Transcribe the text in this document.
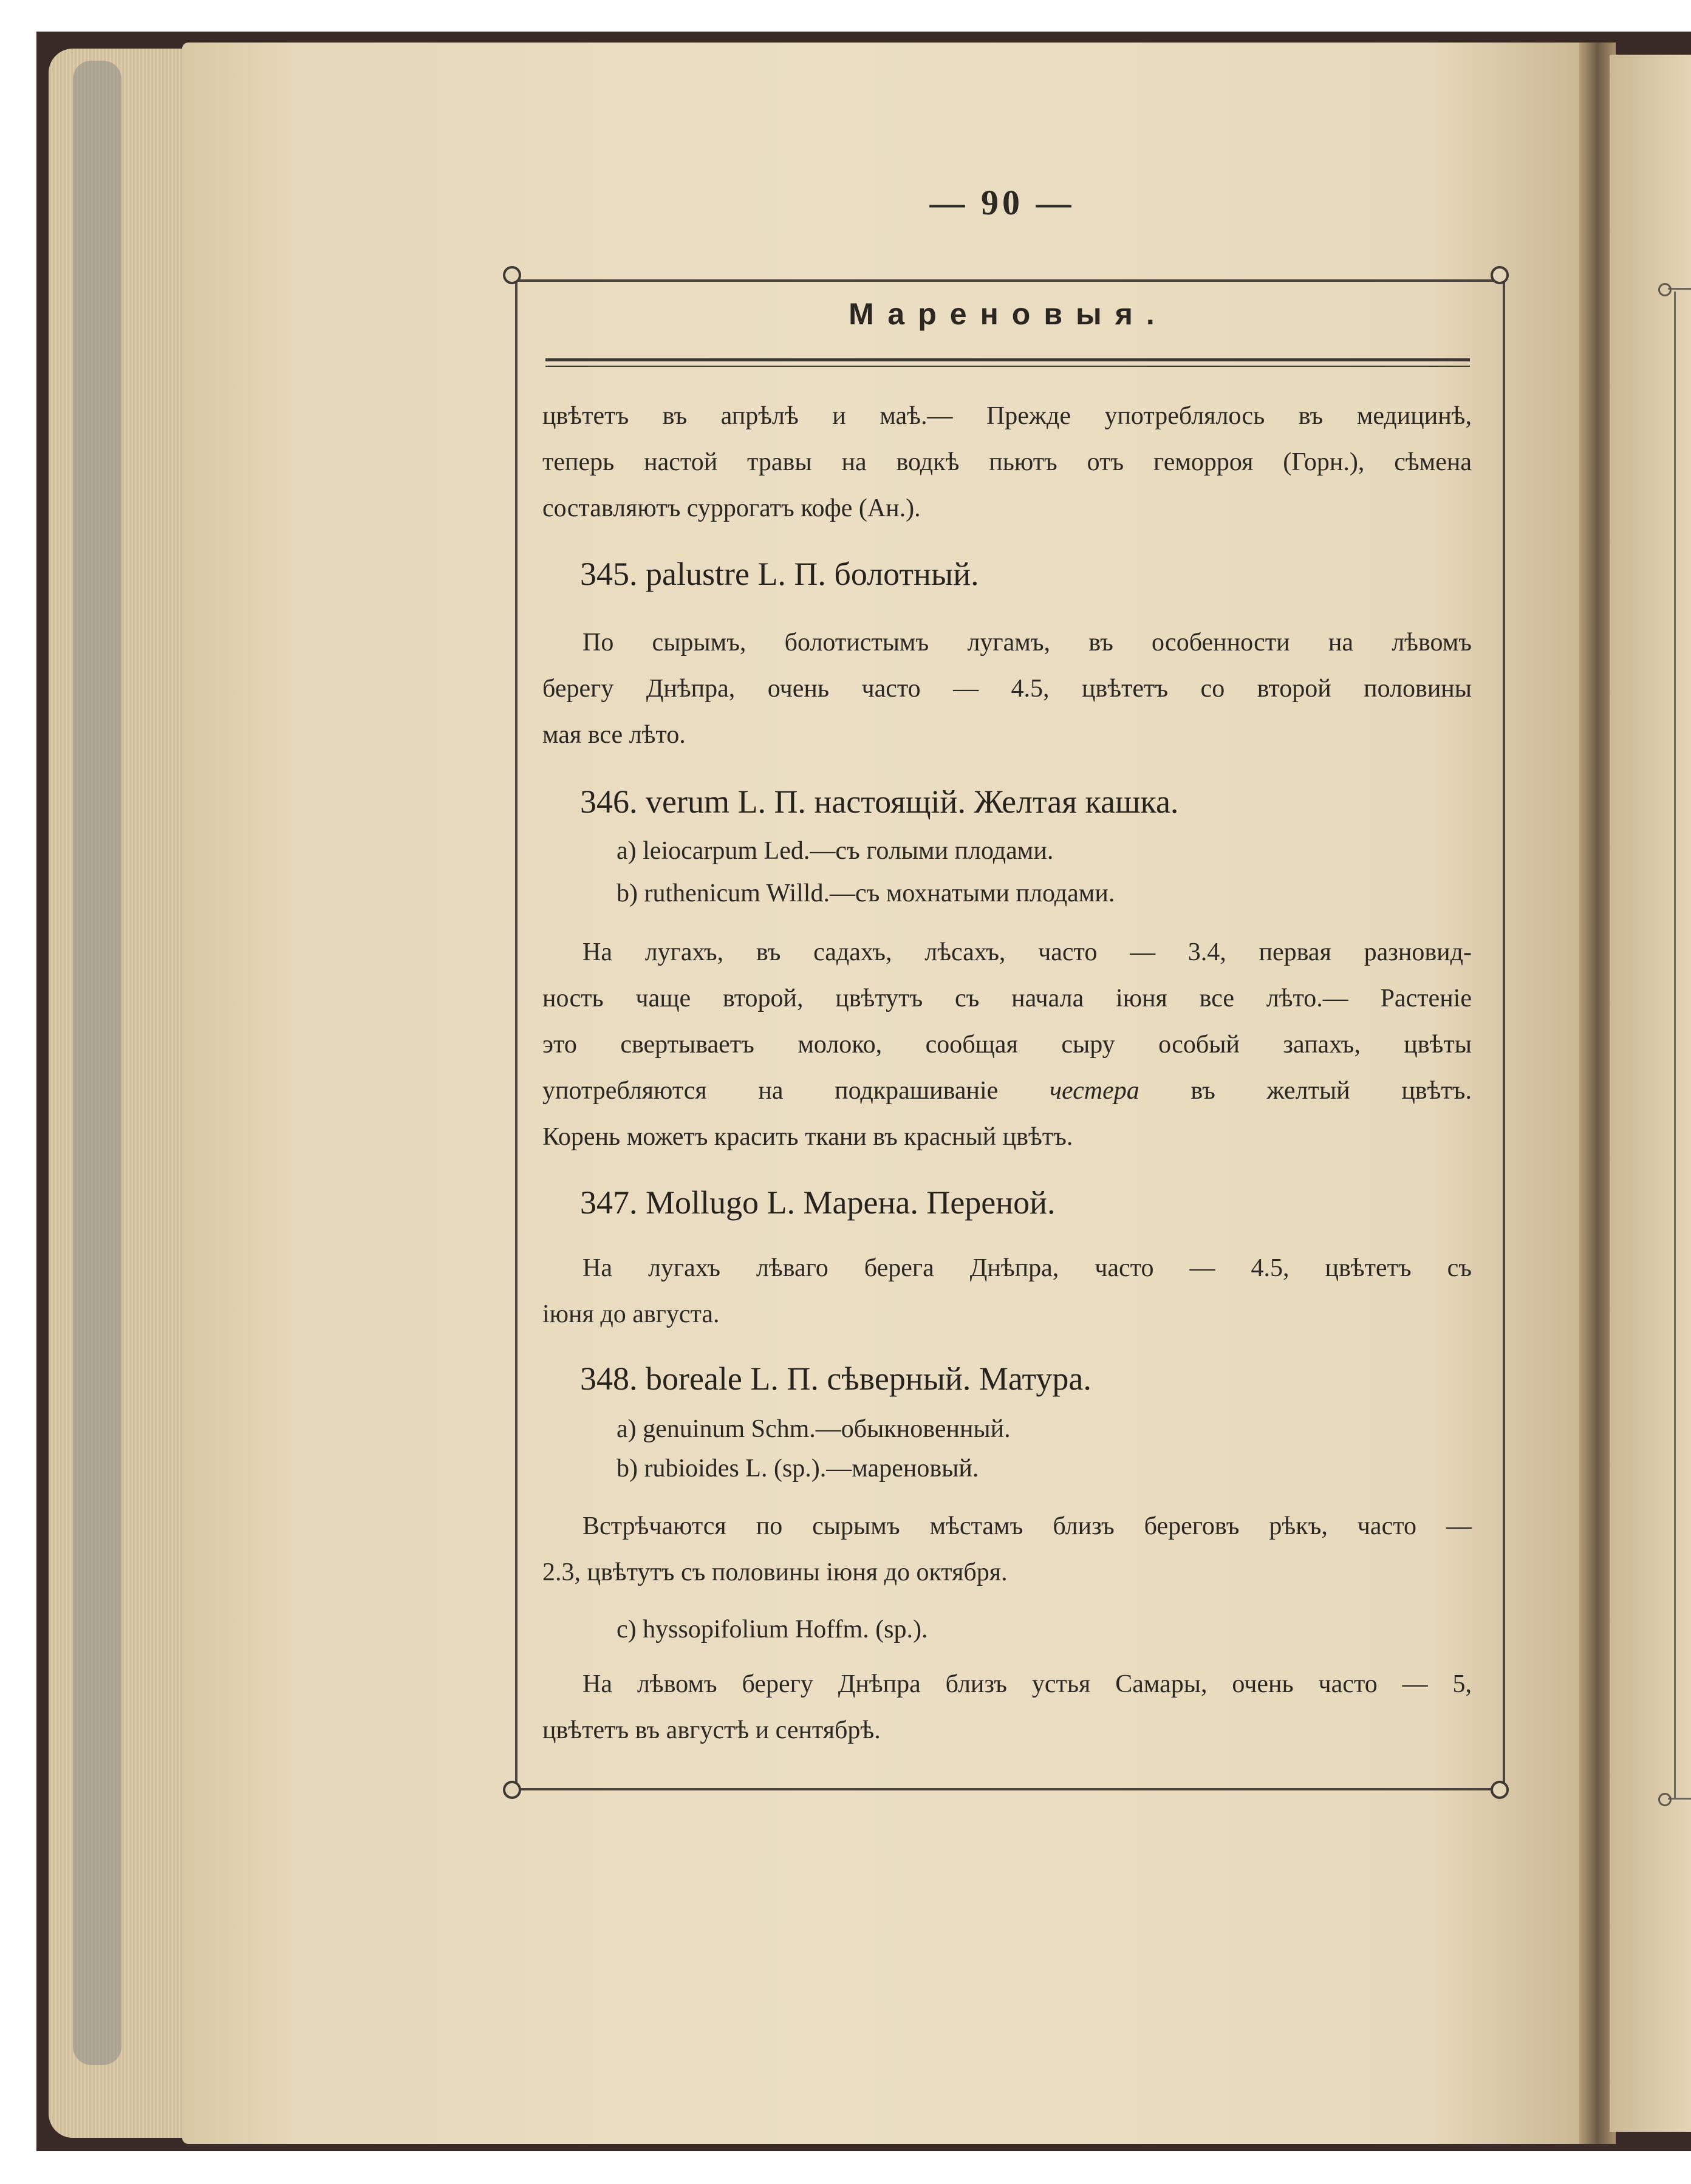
— 90 —
Мареновыя.
цвѣтетъ въ апрѣлѣ и маѣ.— Прежде употреблялось въ медицинѣ,
теперь настой травы на водкѣ пьютъ отъ геморроя (Горн.), сѣмена
составляютъ суррогатъ кофе (Ан.).
345. palustre L. П. болотный.
По сырымъ, болотистымъ лугамъ, въ особенности на лѣвомъ
берегу Днѣпра, очень часто — 4.5, цвѣтетъ со второй половины
мая все лѣто.
346. verum L. П. настоящій. Желтая кашка.
a) leiocarpum Led.—съ голыми плодами.
b) ruthenicum Willd.—съ мохнатыми плодами.
На лугахъ, въ садахъ, лѣсахъ, часто — 3.4, первая разновид-
ность чаще второй, цвѣтутъ съ начала іюня все лѣто.— Растеніе
это свертываетъ молоко, сообщая сыру особый запахъ, цвѣты
употребляются на подкрашиваніе честера въ желтый цвѣтъ.
Корень можетъ красить ткани въ красный цвѣтъ.
347. Mollugo L. Марена. Переной.
На лугахъ лѣваго берега Днѣпра, часто — 4.5, цвѣтетъ съ
іюня до августа.
348. boreale L. П. сѣверный. Матура.
a) genuinum Schm.—обыкновенный.
b) rubioides L. (sp.).—мареновый.
Встрѣчаются по сырымъ мѣстамъ близъ береговъ рѣкъ, часто —
2.3, цвѣтутъ съ половины іюня до октября.
c) hyssopifolium Hoffm. (sp.).
На лѣвомъ берегу Днѣпра близъ устья Самары, очень часто — 5,
цвѣтетъ въ августѣ и сентябрѣ.
